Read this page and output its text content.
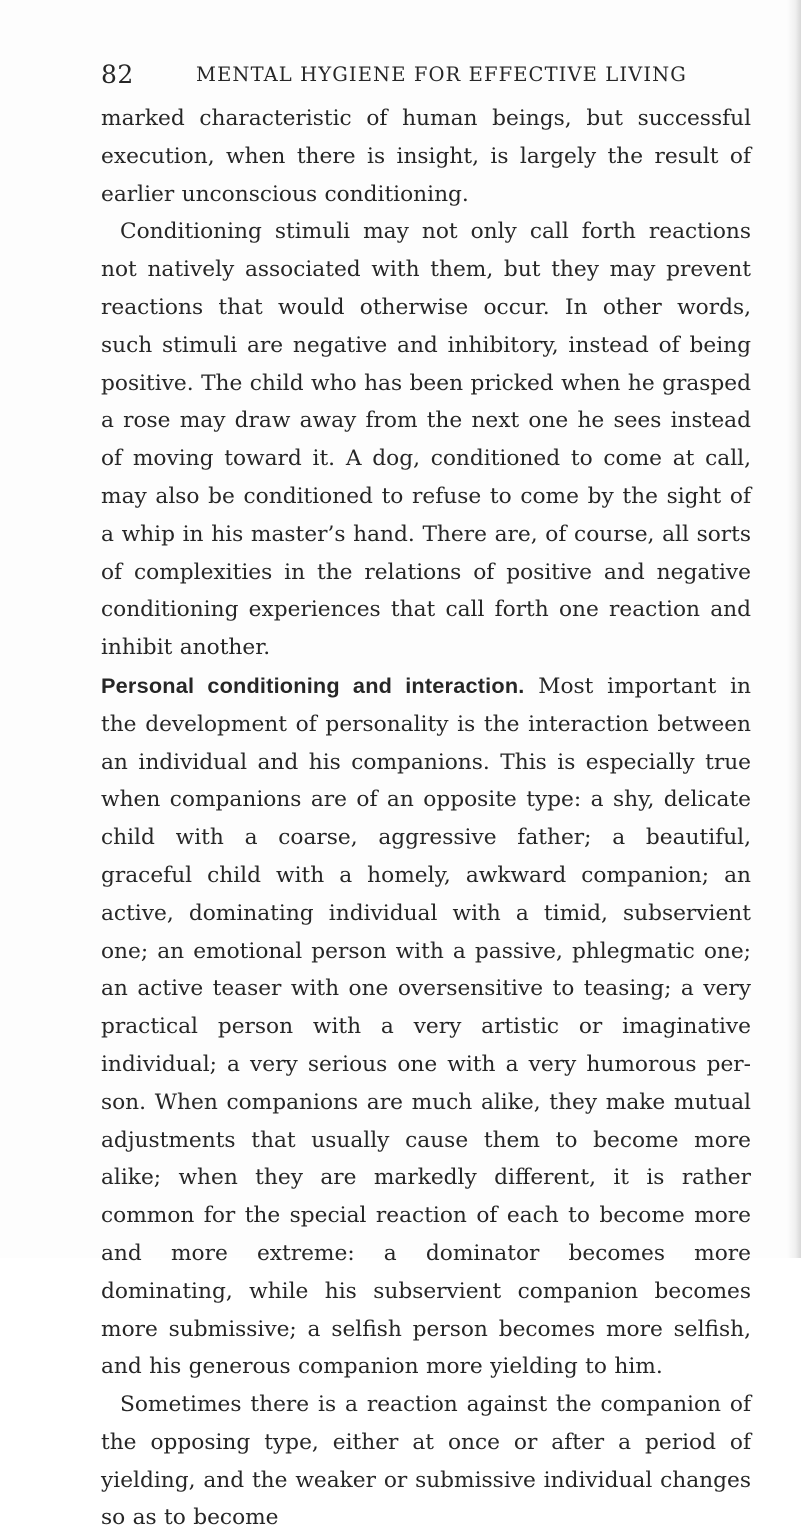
82	MENTAL HYGIENE FOR EFFECTIVE LIVING

marked characteristic of human beings, but successful execution, when there is insight, is largely the result of earlier unconscious conditioning.

Conditioning stimuli may not only call forth reactions not natively associated with them, but they may prevent reactions that would otherwise occur. In other words, such stimuli are negative and inhibitory, instead of being positive. The child who has been pricked when he grasped a rose may draw away from the next one he sees instead of moving toward it. A dog, conditioned to come at call, may also be conditioned to refuse to come by the sight of a whip in his master’s hand. There are, of course, all sorts of complexities in the relations of positive and negative conditioning experiences that call forth one reaction and inhibit another.

Personal conditioning and interaction. Most important in the development of personality is the interaction between an individual and his companions. This is especially true when companions are of an opposite type: a shy, delicate child with a coarse, aggressive father; a beautiful, graceful child with a homely, awkward companion; an active, dominating individual with a timid, subservient one; an emotional person with a passive, phlegmatic one; an active teaser with one oversensitive to teasing; a very practical person with a very artistic or imaginative individual; a very serious one with a very humorous person. When companions are much alike, they make mutual adjustments that usually cause them to become more alike; when they are markedly different, it is rather common for the special reaction of each to become more and more extreme: a dominator becomes more dominating, while his subservient companion becomes more submissive; a selfish person becomes more selfish, and his generous companion more yielding to him.

Sometimes there is a reaction against the companion of the opposing type, either at once or after a period of yielding, and the weaker or submissive individual changes so as to become
